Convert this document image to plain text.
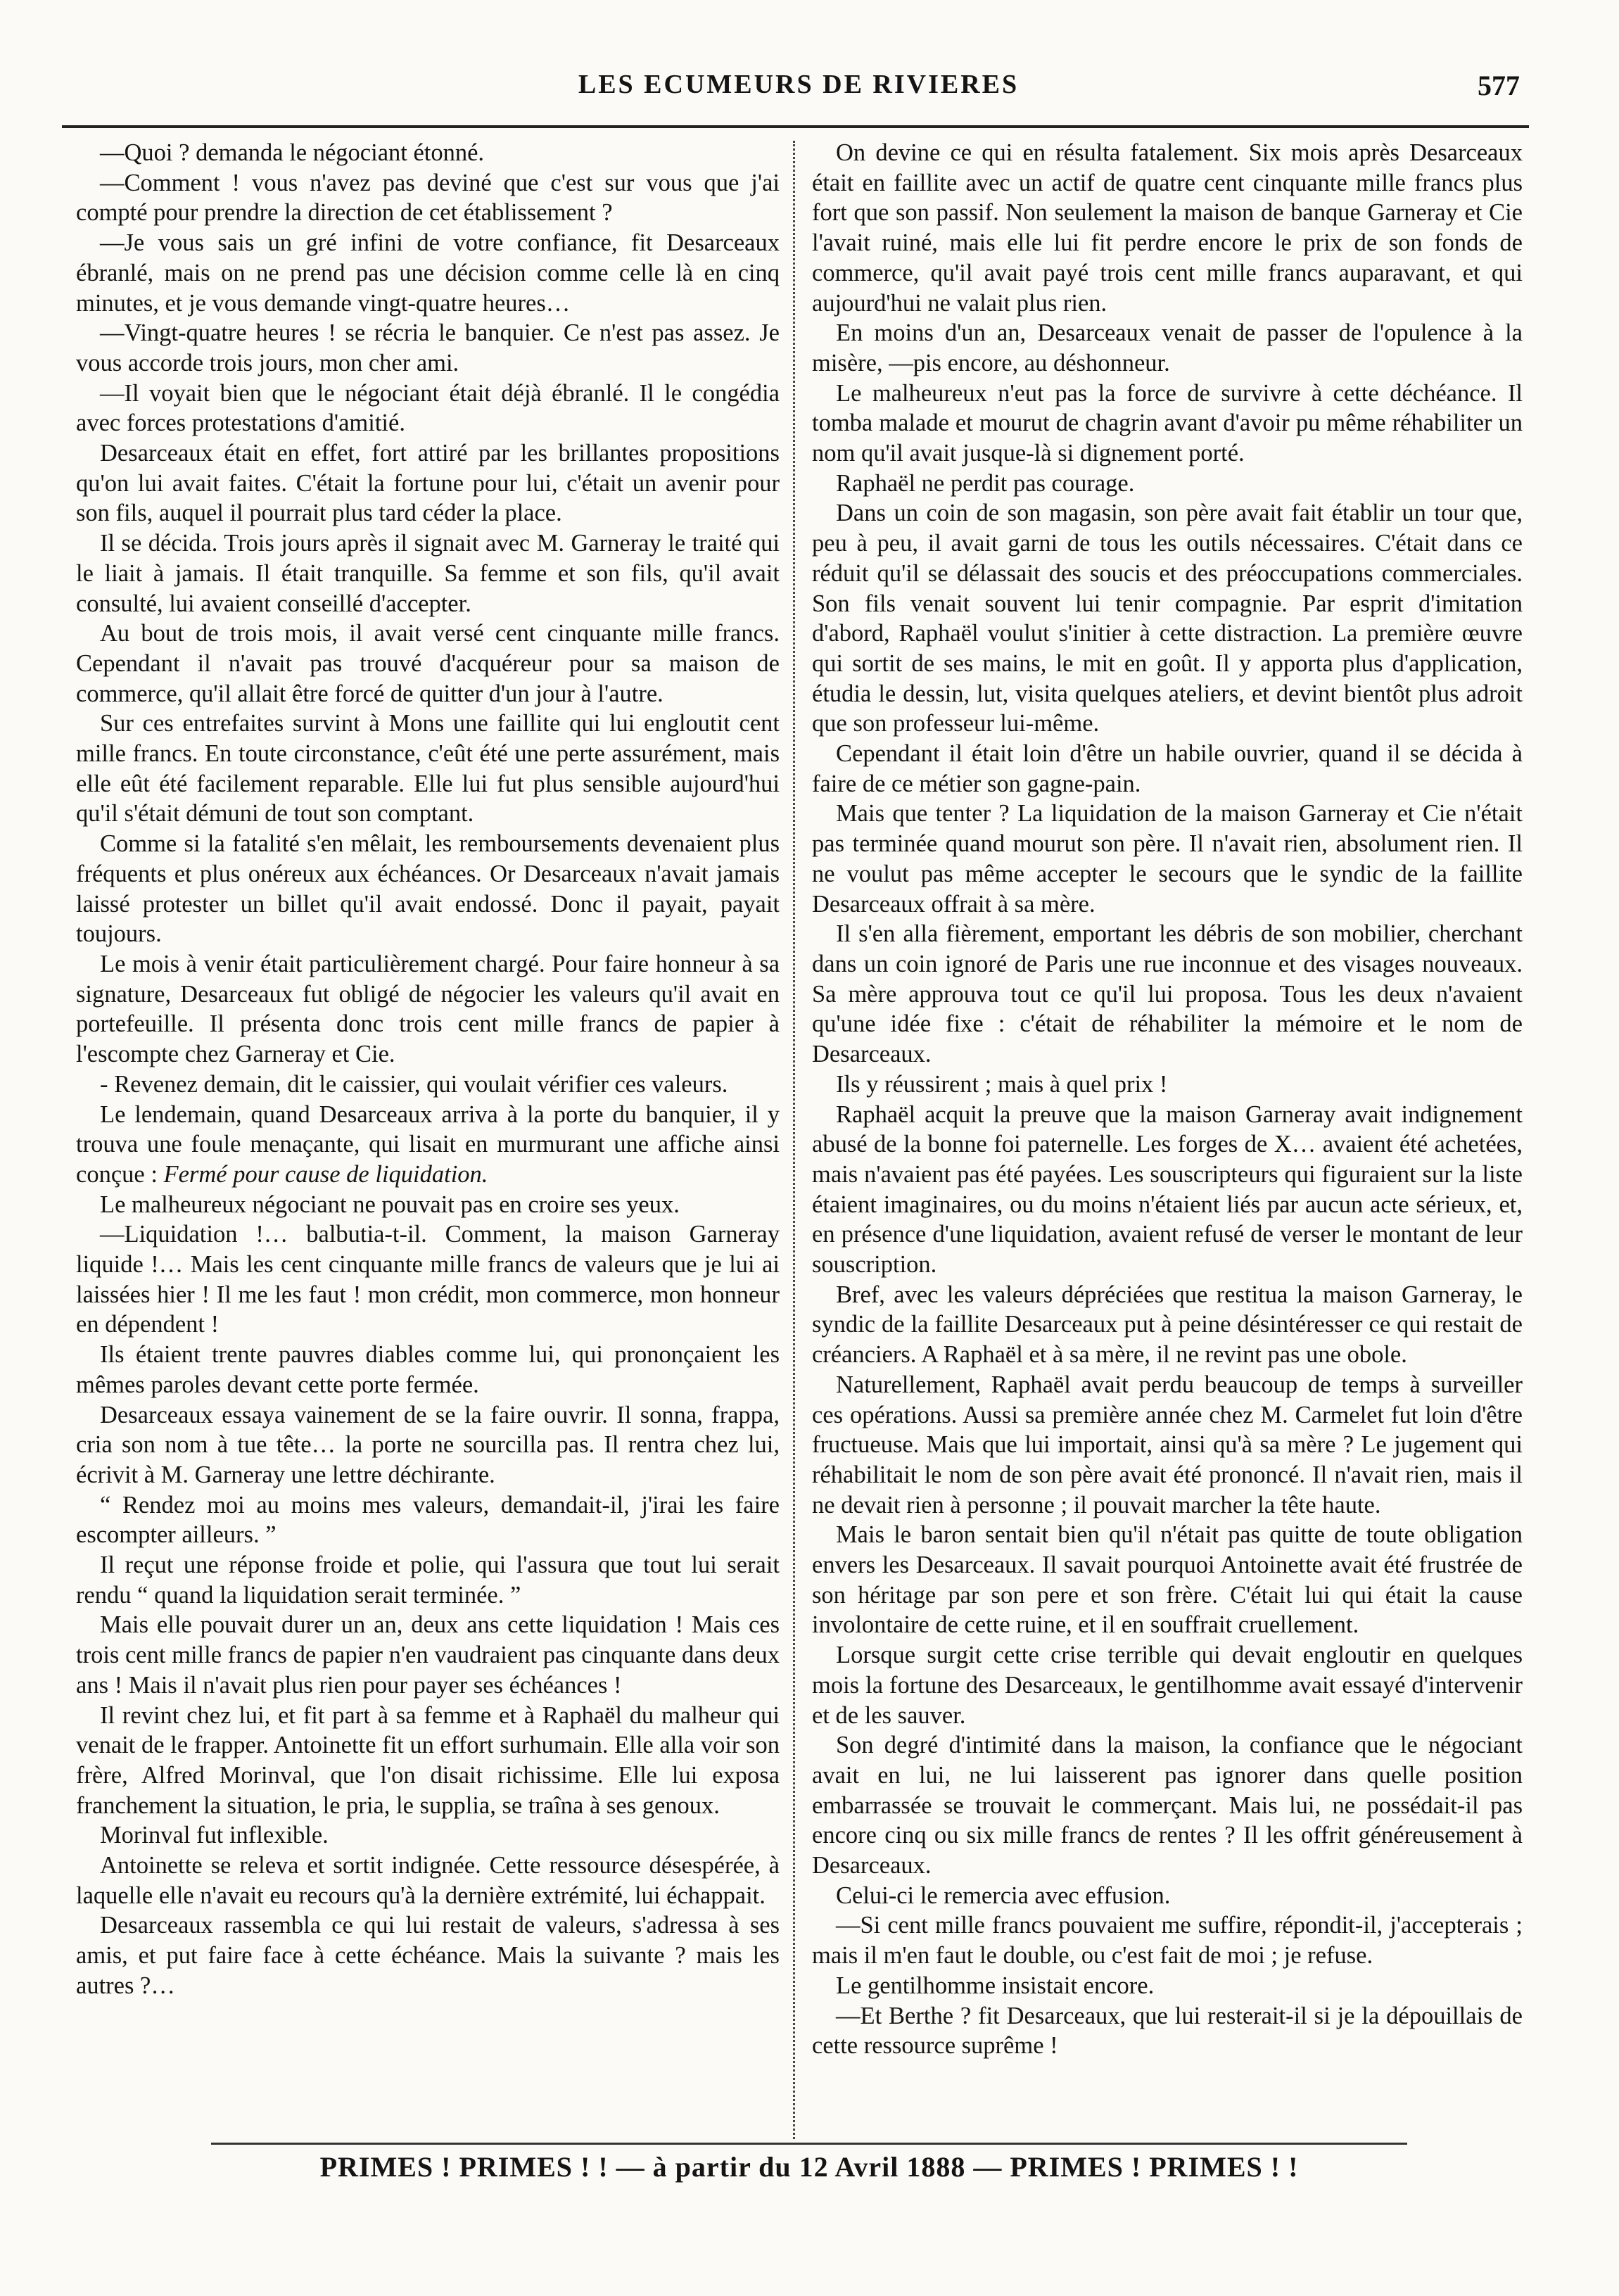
LES ECUMEURS DE RIVIERES	577

—Quoi ? demanda le négociant étonné.

—Comment ! vous n'avez pas deviné que c'est sur vous que j'ai compté pour prendre la direction de cet établissement ?

—Je vous sais un gré infini de votre confiance, fit Desarceaux ébranlé, mais on ne prend pas une décision comme celle là en cinq minutes, et je vous demande vingt-quatre heures…

—Vingt-quatre heures ! se récria le banquier. Ce n'est pas assez. Je vous accorde trois jours, mon cher ami.

—Il voyait bien que le négociant était déjà ébranlé. Il le congédia avec forces protestations d'amitié.

Desarceaux était en effet, fort attiré par les brillantes propositions qu'on lui avait faites. C'était la fortune pour lui, c'était un avenir pour son fils, auquel il pourrait plus tard céder la place.

Il se décida. Trois jours après il signait avec M. Garneray le traité qui le liait à jamais. Il était tranquille. Sa femme et son fils, qu'il avait consulté, lui avaient conseillé d'accepter.

Au bout de trois mois, il avait versé cent cinquante mille francs. Cependant il n'avait pas trouvé d'acquéreur pour sa maison de commerce, qu'il allait être forcé de quitter d'un jour à l'autre.

Sur ces entrefaites survint à Mons une faillite qui lui engloutit cent mille francs. En toute circonstance, c'eût été une perte assurément, mais elle eût été facilement reparable. Elle lui fut plus sensible aujourd'hui qu'il s'était démuni de tout son comptant.

Comme si la fatalité s'en mêlait, les remboursements devenaient plus fréquents et plus onéreux aux échéances. Or Desarceaux n'avait jamais laissé protester un billet qu'il avait endossé. Donc il payait, payait toujours.

Le mois à venir était particulièrement chargé. Pour faire honneur à sa signature, Desarceaux fut obligé de négocier les valeurs qu'il avait en portefeuille. Il présenta donc trois cent mille francs de papier à l'escompte chez Garneray et Cie.

- Revenez demain, dit le caissier, qui voulait vérifier ces valeurs.

Le lendemain, quand Desarceaux arriva à la porte du banquier, il y trouva une foule menaçante, qui lisait en murmurant une affiche ainsi conçue : Fermé pour cause de liquidation.

Le malheureux négociant ne pouvait pas en croire ses yeux.

—Liquidation !… balbutia-t-il. Comment, la maison Garneray liquide !… Mais les cent cinquante mille francs de valeurs que je lui ai laissées hier ! Il me les faut ! mon crédit, mon commerce, mon honneur en dépendent !

Ils étaient trente pauvres diables comme lui, qui prononçaient les mêmes paroles devant cette porte fermée.

Desarceaux essaya vainement de se la faire ouvrir. Il sonna, frappa, cria son nom à tue tête… la porte ne sourcilla pas. Il rentra chez lui, écrivit à M. Garneray une lettre déchirante.

“ Rendez moi au moins mes valeurs, demandait-il, j'irai les faire escompter ailleurs. ”

Il reçut une réponse froide et polie, qui l'assura que tout lui serait rendu “ quand la liquidation serait terminée. ”

Mais elle pouvait durer un an, deux ans cette liquidation ! Mais ces trois cent mille francs de papier n'en vaudraient pas cinquante dans deux ans ! Mais il n'avait plus rien pour payer ses échéances !

Il revint chez lui, et fit part à sa femme et à Raphaël du malheur qui venait de le frapper. Antoinette fit un effort surhumain. Elle alla voir son frère, Alfred Morinval, que l'on disait richissime. Elle lui exposa franchement la situation, le pria, le supplia, se traîna à ses genoux.

Morinval fut inflexible.

Antoinette se releva et sortit indignée. Cette ressource désespérée, à laquelle elle n'avait eu recours qu'à la dernière extrémité, lui échappait.

Desarceaux rassembla ce qui lui restait de valeurs, s'adressa à ses amis, et put faire face à cette échéance. Mais la suivante ? mais les autres ?…

On devine ce qui en résulta fatalement. Six mois après Desarceaux était en faillite avec un actif de quatre cent cinquante mille francs plus fort que son passif. Non seulement la maison de banque Garneray et Cie l'avait ruiné, mais elle lui fit perdre encore le prix de son fonds de commerce, qu'il avait payé trois cent mille francs auparavant, et qui aujourd'hui ne valait plus rien.

En moins d'un an, Desarceaux venait de passer de l'opulence à la misère, —pis encore, au déshonneur.

Le malheureux n'eut pas la force de survivre à cette déchéance. Il tomba malade et mourut de chagrin avant d'avoir pu même réhabiliter un nom qu'il avait jusque-là si dignement porté.

Raphaël ne perdit pas courage.

Dans un coin de son magasin, son père avait fait établir un tour que, peu à peu, il avait garni de tous les outils nécessaires. C'était dans ce réduit qu'il se délassait des soucis et des préoccupations commerciales. Son fils venait souvent lui tenir compagnie. Par esprit d'imitation d'abord, Raphaël voulut s'initier à cette distraction. La première œuvre qui sortit de ses mains, le mit en goût. Il y apporta plus d'application, étudia le dessin, lut, visita quelques ateliers, et devint bientôt plus adroit que son professeur lui-même.

Cependant il était loin d'être un habile ouvrier, quand il se décida à faire de ce métier son gagne-pain.

Mais que tenter ? La liquidation de la maison Garneray et Cie n'était pas terminée quand mourut son père. Il n'avait rien, absolument rien. Il ne voulut pas même accepter le secours que le syndic de la faillite Desarceaux offrait à sa mère.

Il s'en alla fièrement, emportant les débris de son mobilier, cherchant dans un coin ignoré de Paris une rue inconnue et des visages nouveaux. Sa mère approuva tout ce qu'il lui proposa. Tous les deux n'avaient qu'une idée fixe : c'était de réhabiliter la mémoire et le nom de Desarceaux.

Ils y réussirent ; mais à quel prix !

Raphaël acquit la preuve que la maison Garneray avait indignement abusé de la bonne foi paternelle. Les forges de X… avaient été achetées, mais n'avaient pas été payées. Les souscripteurs qui figuraient sur la liste étaient imaginaires, ou du moins n'étaient liés par aucun acte sérieux, et, en présence d'une liquidation, avaient refusé de verser le montant de leur souscription.

Bref, avec les valeurs dépréciées que restitua la maison Garneray, le syndic de la faillite Desarceaux put à peine désintéresser ce qui restait de créanciers. A Raphaël et à sa mère, il ne revint pas une obole.

Naturellement, Raphaël avait perdu beaucoup de temps à surveiller ces opérations. Aussi sa première année chez M. Carmelet fut loin d'être fructueuse. Mais que lui importait, ainsi qu'à sa mère ? Le jugement qui réhabilitait le nom de son père avait été prononcé. Il n'avait rien, mais il ne devait rien à personne ; il pouvait marcher la tête haute.

Mais le baron sentait bien qu'il n'était pas quitte de toute obligation envers les Desarceaux. Il savait pourquoi Antoinette avait été frustrée de son héritage par son pere et son frère. C'était lui qui était la cause involontaire de cette ruine, et il en souffrait cruellement.

Lorsque surgit cette crise terrible qui devait engloutir en quelques mois la fortune des Desarceaux, le gentilhomme avait essayé d'intervenir et de les sauver.

Son degré d'intimité dans la maison, la confiance que le négociant avait en lui, ne lui laisserent pas ignorer dans quelle position embarrassée se trouvait le commerçant. Mais lui, ne possédait-il pas encore cinq ou six mille francs de rentes ? Il les offrit généreusement à Desarceaux.

Celui-ci le remercia avec effusion.

—Si cent mille francs pouvaient me suffire, répondit-il, j'accepterais ; mais il m'en faut le double, ou c'est fait de moi ; je refuse.

Le gentilhomme insistait encore.

—Et Berthe ? fit Desarceaux, que lui resterait-il si je la dépouillais de cette ressource suprême !

PRIMES ! PRIMES ! ! — à partir du 12 Avril 1888 — PRIMES ! PRIMES ! !
